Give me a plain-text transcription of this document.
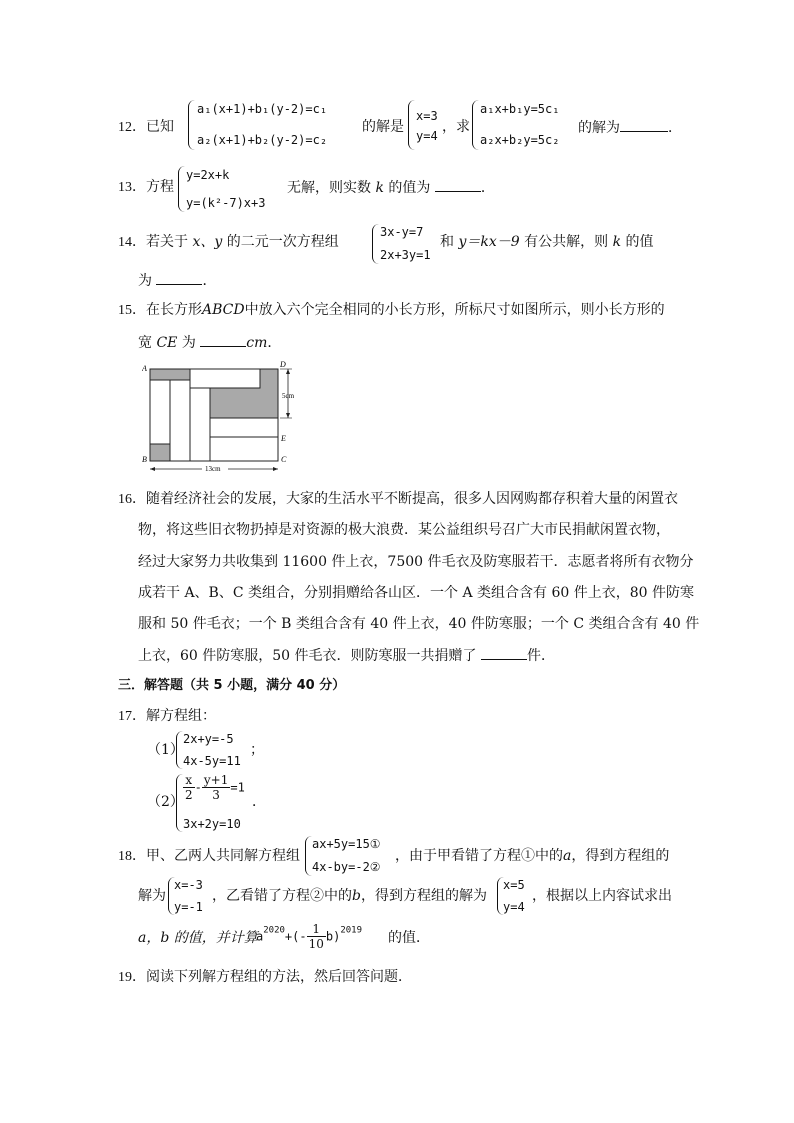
12．已知
a₁(x+1)+b₁(y-2)=c₁
a₂(x+1)+b₂(y-2)=c₂
的解是
x=3
y=4
，求
a₁x+b₁y=5c₁
a₂x+b₂y=5c₂
的解为	．
13．方程
y=2x+k
y=(k²-7)x+3
无解，则实数 k 的值为	．
14．若关于 x、y 的二元一次方程组
3x-y=7
2x+3y=1
和 y＝kx－9 有公共解，则 k 的值
为	．
15．在长方形ABCD中放入六个完全相同的小长方形，所标尺寸如图所示，则小长方形的
宽 CE 为	cm．
A	D
E
B	C
5cm
13cm
16．随着经济社会的发展，大家的生活水平不断提高，很多人因网购都存积着大量的闲置衣
物，将这些旧衣物扔掉是对资源的极大浪费．某公益组织号召广大市民捐献闲置衣物，
经过大家努力共收集到 11600 件上衣，7500 件毛衣及防寒服若干．志愿者将所有衣物分
成若干 A、B、C 类组合，分别捐赠给各山区．一个 A 类组合含有 60 件上衣，80 件防寒
服和 50 件毛衣；一个 B 类组合含有 40 件上衣，40 件防寒服；一个 C 类组合含有 40 件
上衣，60 件防寒服，50 件毛衣．则防寒服一共捐赠了	件．
三．解答题（共 5 小题，满分 40 分）
17．解方程组：
（1）
2x+y=-5
4x-5y=11
；
$(2) \frac{x}{2} - \frac{y+1}{3} =1$
3x+2y=10
．
18．甲、乙两人共同解方程组
ax+5y=15①
4x-by=-2②
，由于甲看错了方程①中的a，得到方程组的
解为
x=-3
y=-1
，乙看错了方程②中的b，得到方程组的解为
x=5
y=4
，根据以上内容试求出
a，b 的值，并计算
$a^{2020}+(- \frac{1}{10} b)^{2019}$ 的值．
19．阅读下列解方程组的方法，然后回答问题．
